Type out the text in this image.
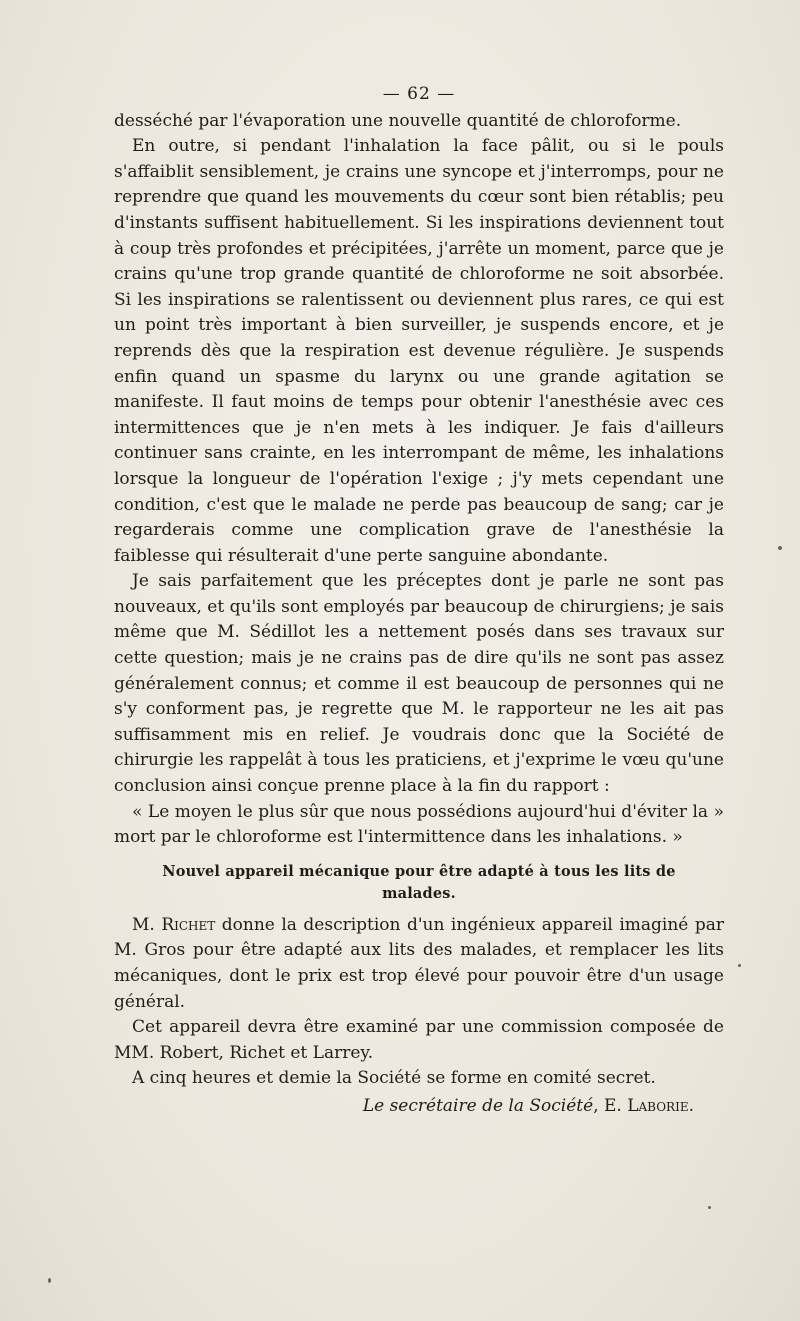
— 62 —

desséché par l'évaporation une nouvelle quantité de chloroforme.

En outre, si pendant l'inhalation la face pâlit, ou si le pouls s'affaiblit sensiblement, je crains une syncope et j'interromps, pour ne reprendre que quand les mouvements du cœur sont bien rétablis; peu d'instants suffisent habituellement. Si les inspirations deviennent tout à coup très profondes et précipitées, j'arrête un moment, parce que je crains qu'une trop grande quantité de chloroforme ne soit absorbée. Si les inspirations se ralentissent ou deviennent plus rares, ce qui est un point très important à bien surveiller, je suspends encore, et je reprends dès que la respiration est devenue régulière. Je suspends enfin quand un spasme du larynx ou une grande agitation se manifeste. Il faut moins de temps pour obtenir l'anesthésie avec ces intermittences que je n'en mets à les indiquer. Je fais d'ailleurs continuer sans crainte, en les interrompant de même, les inhalations lorsque la longueur de l'opération l'exige ; j'y mets cependant une condition, c'est que le malade ne perde pas beaucoup de sang; car je regarderais comme une complication grave de l'anesthésie la faiblesse qui résulterait d'une perte sanguine abondante.

Je sais parfaitement que les préceptes dont je parle ne sont pas nouveaux, et qu'ils sont employés par beaucoup de chirurgiens; je sais même que M. Sédillot les a nettement posés dans ses travaux sur cette question; mais je ne crains pas de dire qu'ils ne sont pas assez généralement connus; et comme il est beaucoup de personnes qui ne s'y conforment pas, je regrette que M. le rapporteur ne les ait pas suffisamment mis en relief. Je voudrais donc que la Société de chirurgie les rappelât à tous les praticiens, et j'exprime le vœu qu'une conclusion ainsi conçue prenne place à la fin du rapport :

« Le moyen le plus sûr que nous possédions aujourd'hui d'éviter la » mort par le chloroforme est l'intermittence dans les inhalations. »

Nouvel appareil mécanique pour être adapté à tous les lits de malades.

M. Richet donne la description d'un ingénieux appareil imaginé par M. Gros pour être adapté aux lits des malades, et remplacer les lits mécaniques, dont le prix est trop élevé pour pouvoir être d'un usage général.

Cet appareil devra être examiné par une commission composée de MM. Robert, Richet et Larrey.

A cinq heures et demie la Société se forme en comité secret.

Le secrétaire de la Société, E. Laborie.
